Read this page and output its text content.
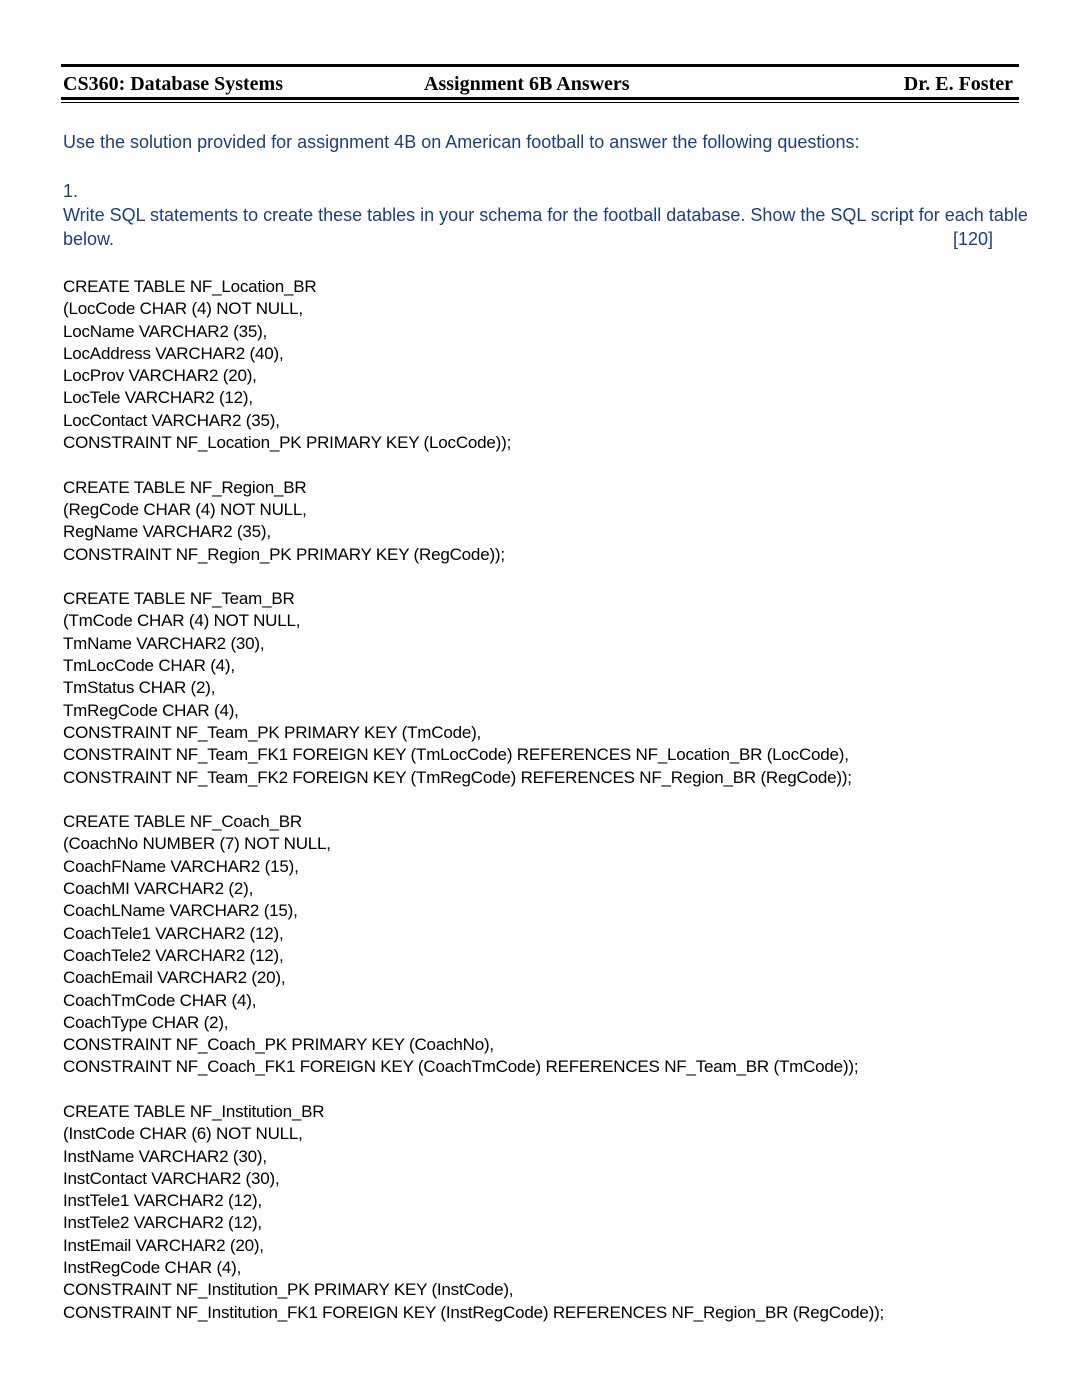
CS360: Database Systems	Assignment 6B Answers	Dr. E. Foster
Use the solution provided for assignment 4B on American football to answer the following questions:
1.
Write SQL statements to create these tables in your schema for the football database. Show the SQL script for each table
below.	[120]
CREATE TABLE NF_Location_BR
(LocCode CHAR (4) NOT NULL,
LocName VARCHAR2 (35),
LocAddress VARCHAR2 (40),
LocProv VARCHAR2 (20),
LocTele VARCHAR2 (12),
LocContact VARCHAR2 (35),
CONSTRAINT NF_Location_PK PRIMARY KEY (LocCode));
CREATE TABLE NF_Region_BR
(RegCode CHAR (4) NOT NULL,
RegName VARCHAR2 (35),
CONSTRAINT NF_Region_PK PRIMARY KEY (RegCode));
CREATE TABLE NF_Team_BR
(TmCode CHAR (4) NOT NULL,
TmName VARCHAR2 (30),
TmLocCode CHAR (4),
TmStatus CHAR (2),
TmRegCode CHAR (4),
CONSTRAINT NF_Team_PK PRIMARY KEY (TmCode),
CONSTRAINT NF_Team_FK1 FOREIGN KEY (TmLocCode) REFERENCES NF_Location_BR (LocCode),
CONSTRAINT NF_Team_FK2 FOREIGN KEY (TmRegCode) REFERENCES NF_Region_BR (RegCode));
CREATE TABLE NF_Coach_BR
(CoachNo NUMBER (7) NOT NULL,
CoachFName VARCHAR2 (15),
CoachMI VARCHAR2 (2),
CoachLName VARCHAR2 (15),
CoachTele1 VARCHAR2 (12),
CoachTele2 VARCHAR2 (12),
CoachEmail VARCHAR2 (20),
CoachTmCode CHAR (4),
CoachType CHAR (2),
CONSTRAINT NF_Coach_PK PRIMARY KEY (CoachNo),
CONSTRAINT NF_Coach_FK1 FOREIGN KEY (CoachTmCode) REFERENCES NF_Team_BR (TmCode));
CREATE TABLE NF_Institution_BR
(InstCode CHAR (6) NOT NULL,
InstName VARCHAR2 (30),
InstContact VARCHAR2 (30),
InstTele1 VARCHAR2 (12),
InstTele2 VARCHAR2 (12),
InstEmail VARCHAR2 (20),
InstRegCode CHAR (4),
CONSTRAINT NF_Institution_PK PRIMARY KEY (InstCode),
CONSTRAINT NF_Institution_FK1 FOREIGN KEY (InstRegCode) REFERENCES NF_Region_BR (RegCode));
